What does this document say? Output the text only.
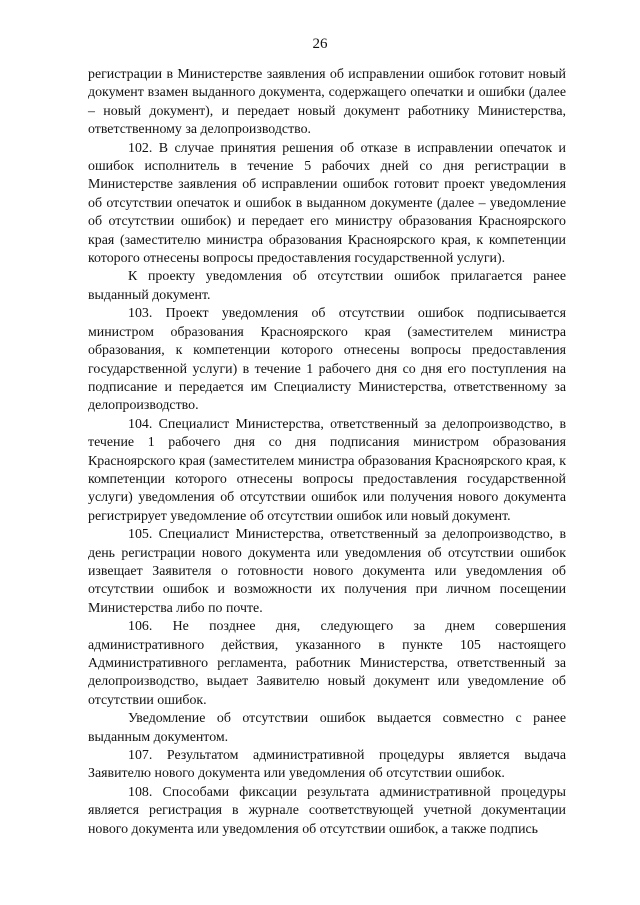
26

регистрации в Министерстве заявления об исправлении ошибок готовит новый документ взамен выданного документа, содержащего опечатки и ошибки (далее – новый документ), и передает новый документ работнику Министерства, ответственному за делопроизводство.

102. В случае принятия решения об отказе в исправлении опечаток и ошибок исполнитель в течение 5 рабочих дней со дня регистрации в Министерстве заявления об исправлении ошибок готовит проект уведомления об отсутствии опечаток и ошибок в выданном документе (далее – уведомление об отсутствии ошибок) и передает его министру образования Красноярского края (заместителю министра образования Красноярского края, к компетенции которого отнесены вопросы предоставления государственной услуги).

К проекту уведомления об отсутствии ошибок прилагается ранее выданный документ.

103. Проект уведомления об отсутствии ошибок подписывается министром образования Красноярского края (заместителем министра образования, к компетенции которого отнесены вопросы предоставления государственной услуги) в течение 1 рабочего дня со дня его поступления на подписание и передается им Специалисту Министерства, ответственному за делопроизводство.

104. Специалист Министерства, ответственный за делопроизводство, в течение 1 рабочего дня со дня подписания министром образования Красноярского края (заместителем министра образования Красноярского края, к компетенции которого отнесены вопросы предоставления государственной услуги) уведомления об отсутствии ошибок или получения нового документа регистрирует уведомление об отсутствии ошибок или новый документ.

105. Специалист Министерства, ответственный за делопроизводство, в день регистрации нового документа или уведомления об отсутствии ошибок извещает Заявителя о готовности нового документа или уведомления об отсутствии ошибок и возможности их получения при личном посещении Министерства либо по почте.

106. Не позднее дня, следующего за днем совершения административного действия, указанного в пункте 105 настоящего Административного регламента, работник Министерства, ответственный за делопроизводство, выдает Заявителю новый документ или уведомление об отсутствии ошибок.

Уведомление об отсутствии ошибок выдается совместно с ранее выданным документом.

107. Результатом административной процедуры является выдача Заявителю нового документа или уведомления об отсутствии ошибок.

108. Способами фиксации результата административной процедуры является регистрация в журнале соответствующей учетной документации нового документа или уведомления об отсутствии ошибок, а также подпись
